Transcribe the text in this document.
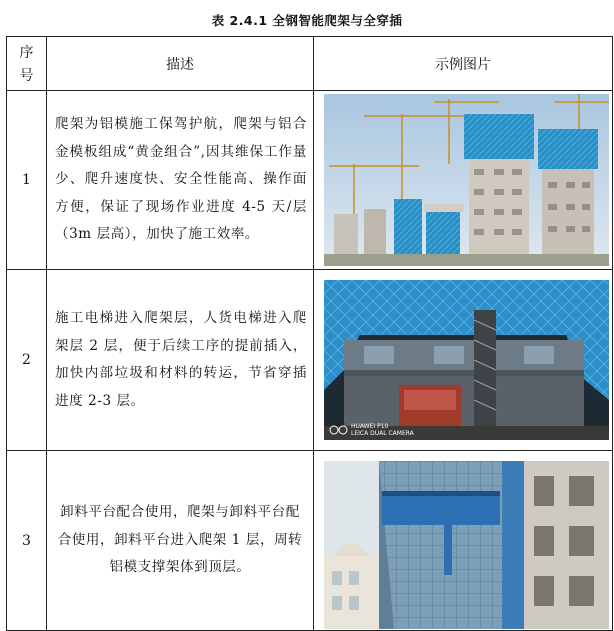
表 2.4.1 全钢智能爬架与全穿插
序号	描述	示例图片
1	爬架为铝模施工保驾护航，爬架与铝合金模板组成“黄金组合”,因其维保工作量少、爬升速度快、安全性能高、操作面方便，保证了现场作业进度 4-5 天/层（3m 层高），加快了施工效率。	

2	施工电梯进入爬架层，人货电梯进入爬架层 2 层，便于后续工序的提前插入，加快内部垃圾和材料的转运，节省穿插进度 2-3 层。	HUAWEI P10
LEICA DUAL CAMERA

3	卸料平台配合使用，爬架与卸料平台配合使用，卸料平台进入爬架 1 层，周转铝模支撑架体到顶层。	
